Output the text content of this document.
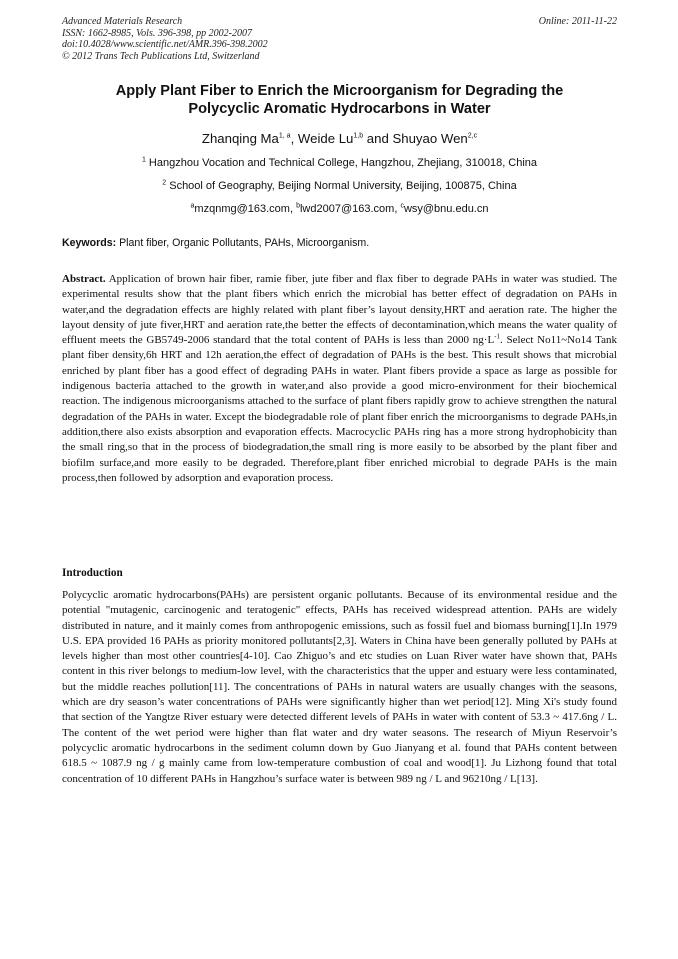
Advanced Materials Research
ISSN: 1662-8985, Vols. 396-398, pp 2002-2007
doi:10.4028/www.scientific.net/AMR.396-398.2002
© 2012 Trans Tech Publications Ltd, Switzerland
Online: 2011-11-22
Apply Plant Fiber to Enrich the Microorganism for Degrading the
Polycyclic Aromatic Hydrocarbons in Water
Zhanqing Ma$^{1, a}$, Weide Lu$^{1,b}$ and Shuyao Wen$^{2,c}$
$^1$ Hangzhou Vocation and Technical College, Hangzhou, Zhejiang, 310018, China
$^2$ School of Geography, Beijing Normal University, Beijing, 100875, China
$^a$mzqnmg@163.com, $^b$lwd2007@163.com, $^c$wsy@bnu.edu.cn
Keywords: Plant fiber, Organic Pollutants, PAHs, Microorganism.
Abstract. Application of brown hair fiber, ramie fiber, jute fiber and flax fiber to degrade PAHs in water was studied. The experimental results show that the plant fibers which enrich the microbial has better effect of degradation on PAHs in water,and the degradation effects are highly related with plant fiber’s layout density,HRT and aeration rate. The higher the layout density of jute fiver,HRT and aeration rate,the better the effects of decontamination,which means the water quality of effluent meets the GB5749-2006 standard that the total content of PAHs is less than 2000 $ng\cdot L^{-1}$. Select No11~No14 Tank plant fiber density,6h HRT and 12h aeration,the effect of degradation of PAHs is the best. This result shows that microbial enriched by plant fiber has a good effect of degrading PAHs in water. Plant fibers provide a space as large as possible for indigenous bacteria attached to the growth in water,and also provide a good micro-environment for their biochemical reaction. The indigenous microorganisms attached to the surface of plant fibers rapidly grow to achieve strengthen the natural degradation of the PAHs in water. Except the biodegradable role of plant fiber enrich the microorganisms to degrade PAHs,in addition,there also exists absorption and evaporation effects. Macrocyclic PAHs ring has a more strong hydrophobicity than the small ring,so that in the process of biodegradation,the small ring is more easily to be absorbed by the plant fiber and biofilm surface,and more easily to be degraded. Therefore,plant fiber enriched microbial to degrade PAHs is the main process,then followed by adsorption and evaporation process.
Introduction
Polycyclic aromatic hydrocarbons(PAHs) are persistent organic pollutants. Because of its environmental residue and the potential "mutagenic, carcinogenic and teratogenic" effects, PAHs has received widespread attention. PAHs are widely distributed in nature, and it mainly comes from anthropogenic emissions, such as fossil fuel and biomass burning[1].In 1979 U.S. EPA provided 16 PAHs as priority monitored pollutants[2,3]. Waters in China have been generally polluted by PAHs at levels higher than most other countries[4-10]. Cao Zhiguo’s and etc studies on Luan River water have shown that, PAHs content in this river belongs to medium-low level, with the characteristics that the upper and estuary were less contaminated, but the middle reaches pollution[11]. The concentrations of PAHs in natural waters are usually changes with the seasons, which are dry season’s water concentrations of PAHs were significantly higher than wet period[12]. Ming Xi's study found that section of the Yangtze River estuary were detected different levels of PAHs in water with content of 53.3 ~ 417.6ng / L. The content of the wet period were higher than flat water and dry water seasons. The research of Miyun Reservoir’s polycyclic aromatic hydrocarbons in the sediment column down by Guo Jianyang et al. found that PAHs content between 618.5 ~ 1087.9 ng / g mainly came from low-temperature combustion of coal and wood[1]. Ju Lizhong found that total concentration of 10 different PAHs in Hangzhou’s surface water is between 989 ng / L and 96210ng / L[13].
